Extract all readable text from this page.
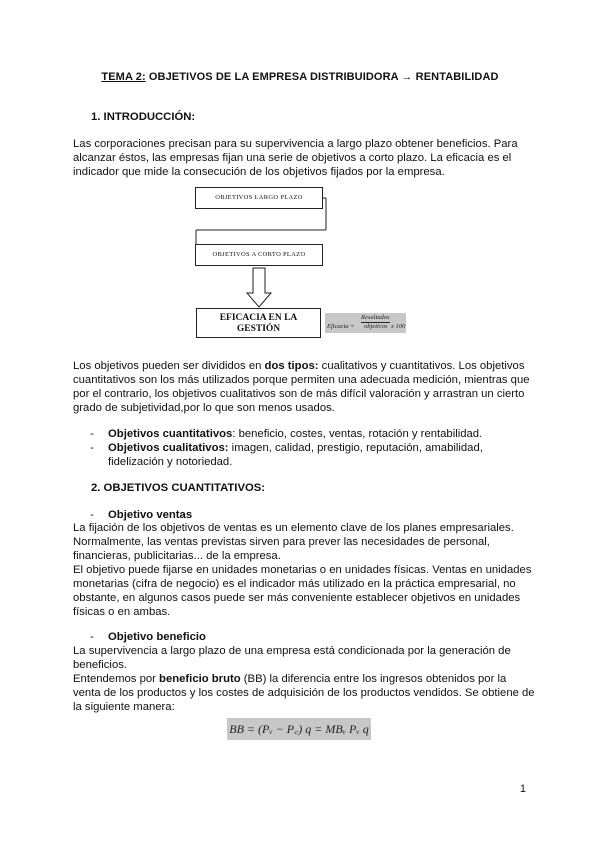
TEMA 2: OBJETIVOS DE LA EMPRESA DISTRIBUIDORA → RENTABILIDAD
1. INTRODUCCIÓN:
Las corporaciones precisan para su supervivencia a largo plazo obtener beneficios. Para
alcanzar éstos, las empresas fijan una serie de objetivos a corto plazo. La eficacia es el
indicador que mide la consecución de los objetivos fijados por la empresa.
OBJETIVOS LARGO PLAZO
OBJETIVOS A CORTO PLAZO
EFICACIA EN LA
GESTIÓN	Eficacia =
Resultados
objetivos x 100
Los objetivos pueden ser divididos en dos tipos: cualitativos y cuantitativos. Los objetivos
cuantitativos son los más utilizados porque permiten una adecuada medición, mientras que
por el contrario, los objetivos cualitativos son de más difícil valoración y arrastran un cierto
grado de subjetividad,por lo que son menos usados.
- Objetivos cuantitativos: beneficio, costes, ventas, rotación y rentabilidad.
- Objetivos cualitativos: imagen, calidad, prestigio, reputación, amabilidad,
fidelización y notoriedad.
2. OBJETIVOS CUANTITATIVOS:
- Objetivo ventas
La fijación de los objetivos de ventas es un elemento clave de los planes empresariales.
Normalmente, las ventas previstas sirven para prever las necesidades de personal,
financieras, publicitarias... de la empresa.
El objetivo puede fijarse en unidades monetarias o en unidades físicas. Ventas en unidades
monetarias (cifra de negocio) es el indicador más utilizado en la práctica empresarial, no
obstante, en algunos casos puede ser más conveniente establecer objetivos en unidades
físicas o en ambas.
- Objetivo beneficio
La supervivencia a largo plazo de una empresa está condicionada por la generación de
beneficios.
Entendemos por beneficio bruto (BB) la diferencia entre los ingresos obtenidos por la
venta de los productos y los costes de adquisición de los productos vendidos. Se obtiene de
la siguiente manera:
BB = (Pᵥ − P꜀) q = MBᵥ Pᵥ q
1
